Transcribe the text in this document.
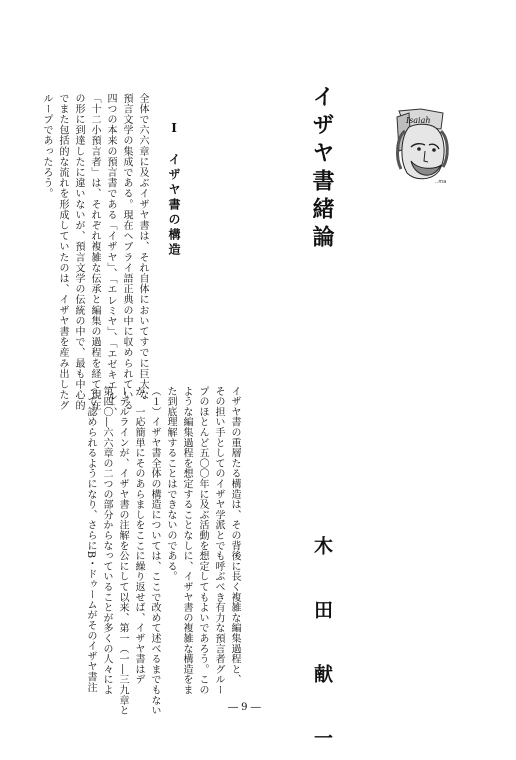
イザヤ書緒論	Isaiah
‥ma
Ⅰ　イザヤ書の構造
全体で六六章に及ぶイザヤ書は、それ自体においてすでに巨大な
預言文学の集成である。現在ヘブライ語正典の中に収められている
四つの本来の預言書である「イザヤ」、「エレミヤ」、「エゼキエル」、
「十二小預言者」は、それぞれ複雑な伝承と編集の過程を経て現在
の形に到達したに違いないが、預言文学の伝統の中で、最も中心的
でまた包括的な流れを形成していたのは、イザヤ書を産み出したグ
ループであったろう。
木　田　献　一
イザヤ書の重層たる構造は、その背後に長く複雑な編集過程と、
その担い手としてのイザヤ学派とでも呼ぶべき有力な預言者グルー
プのほとんど五〇〇年に及ぶ活動を想定してもよいであろう。この
ような編集過程を想定することなしに、イザヤ書の複雑な構造をま
た到底理解することはできないのである。
（１）イザヤ書全体の構造については、ここで改めて述べるまでもない
が、一応簡単にそのあらましをここに繰り返せば、イザヤ書はデ
ーデルラインが、イザヤ書の注解を公にして以来、第一（一―三九章と
第四〇―六六章の二つの部分からなっていることが多くの人々によ
って認められるようになり、さらにB・ドゥームがそのイザヤ書注
― 9 ―
